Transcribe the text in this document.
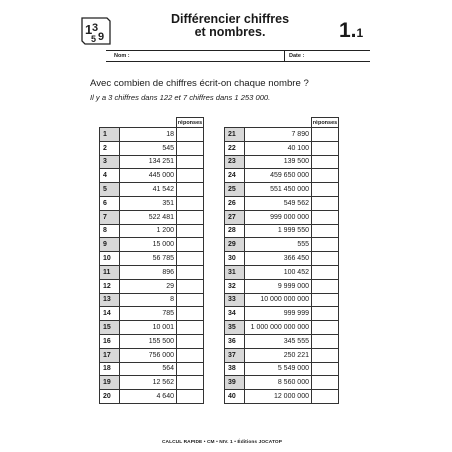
1 3
9
5
Différencier chiffres
et nombres.	1.1
Nom :	Date :
Avec combien de chiffres écrit-on chaque nombre ?
Il y a 3 chiffres dans 122 et 7 chiffres dans 1 253 000.
		réponses
1	18	
2	545	
3	134 251	
4	445 000	
5	41 542	
6	351	
7	522 481	
8	1 200	
9	15 000	
10	56 785	
11	896	
12	29	
13	8	
14	785	
15	10 001	
16	155 500	
17	756 000	
18	564	
19	12 562	
20	4 640	
		réponses
21	7 890	
22	40 100	
23	139 500	
24	459 650 000	
25	551 450 000	
26	549 562	
27	999 000 000	
28	1 999 550	
29	555	
30	366 450	
31	100 452	
32	9 999 000	
33	10 000 000 000	
34	999 999	
35	1 000 000 000 000	
36	345 555	
37	250 221	
38	5 549 000	
39	8 560 000	
40	12 000 000	
CALCUL RAPIDE • CM • NIV. 1 • Éditions JOCATOP
